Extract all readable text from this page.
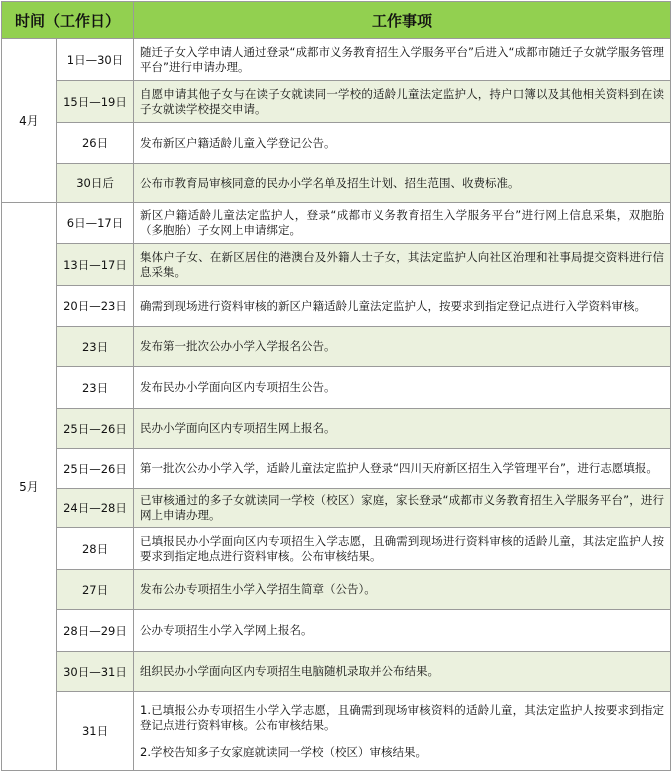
时间（工作日）		工作事项
4月	1日—30日	随迁子女入学申请人通过登录“成都市义务教育招生入学服务平台”后进入“成都市随迁子女就学服务管理平台”进行申请办理。
	15日—19日	自愿申请其他子女与在读子女就读同一学校的适龄儿童法定监护人，持户口簿以及其他相关资料到在读子女就读学校提交申请。
	26日	发布新区户籍适龄儿童入学登记公告。
	30日后	公布市教育局审核同意的民办小学名单及招生计划、招生范围、收费标准。
5月	6日—17日	新区户籍适龄儿童法定监护人，登录“成都市义务教育招生入学服务平台”进行网上信息采集，双胞胎（多胞胎）子女网上申请绑定。
	13日—17日	集体户子女、在新区居住的港澳台及外籍人士子女，其法定监护人向社区治理和社事局提交资料进行信息采集。
	20日—23日	确需到现场进行资料审核的新区户籍适龄儿童法定监护人，按要求到指定登记点进行入学资料审核。
	23日	发布第一批次公办小学入学报名公告。
	23日	发布民办小学面向区内专项招生公告。
	25日—26日	民办小学面向区内专项招生网上报名。
	25日—26日	第一批次公办小学入学，适龄儿童法定监护人登录“四川天府新区招生入学管理平台”，进行志愿填报。
	24日—28日	已审核通过的多子女就读同一学校（校区）家庭，家长登录“成都市义务教育招生入学服务平台”，进行网上申请办理。
	28日	已填报民办小学面向区内专项招生入学志愿，且确需到现场进行资料审核的适龄儿童，其法定监护人按要求到指定地点进行资料审核。公布审核结果。
	27日	发布公办专项招生小学入学招生简章（公告）。
	28日—29日	公办专项招生小学入学网上报名。
	30日—31日	组织民办小学面向区内专项招生电脑随机录取并公布结果。
	31日	1.已填报公办专项招生小学入学志愿，且确需到现场审核资料的适龄儿童，其法定监护人按要求到指定登记点进行资料审核。公布审核结果。
2.学校告知多子女家庭就读同一学校（校区）审核结果。
